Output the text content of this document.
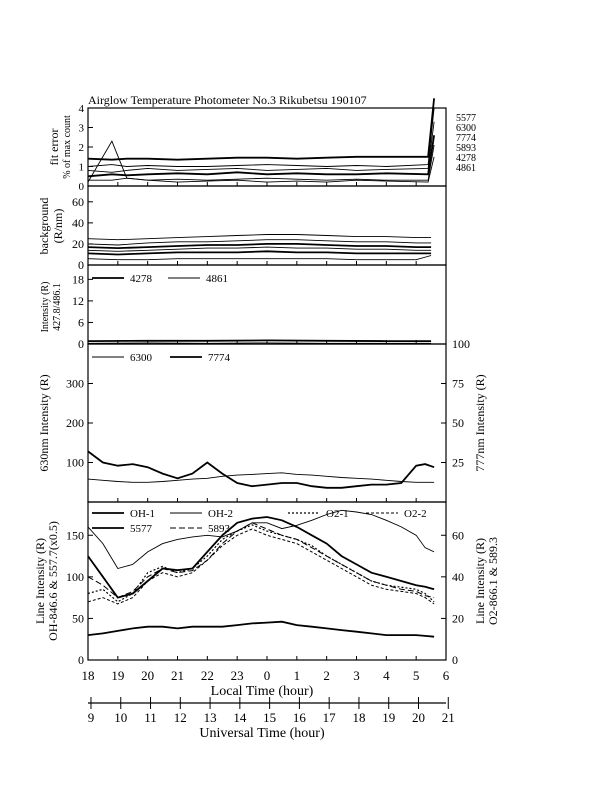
Airglow Temperature Photometer No.3 Rikubetsu 190107
0
1
2
3
4
5577
6300
7774
5893
4278
4861
0
20
40
60
0
6
12
18	4278	4861
100
200
300
25
50
75
100
6300	7774
0
50
100
150
0
20
40
60
OH-1	OH-2	O2-1	O2-2
5577	5893
fit error % of max count
background (R/nm)
Intensity (R) 427.8/486.1
630nm Intensity (R)	777nm Intensity (R)
Line Intensity (R) OH-846.6 & 557.7(x0.5)	Line Intensity (R) O2-866.1 & 589.3
18 19 20 21 22 23 0 1 2 3 4 5 6
Local Time (hour)
9 10 11 12 13 14 15 16 17 18 19 20 21
Universal Time (hour)
